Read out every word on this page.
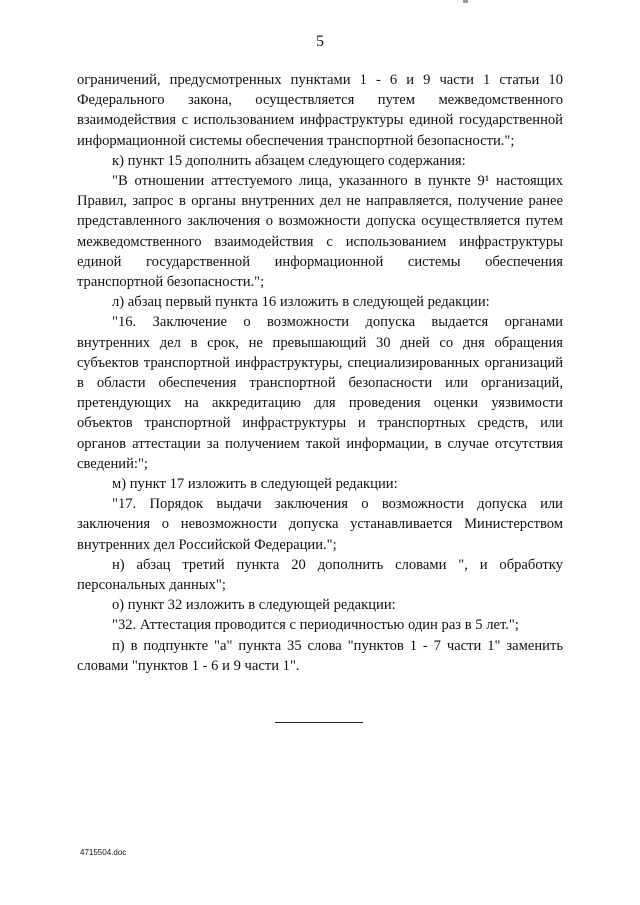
5

ограничений, предусмотренных пунктами 1 - 6 и 9 части 1 статьи 10 Федерального закона, осуществляется путем межведомственного взаимодействия с использованием инфраструктуры единой государственной информационной системы обеспечения транспортной безопасности.";

к) пункт 15 дополнить абзацем следующего содержания:

"В отношении аттестуемого лица, указанного в пункте 9¹ настоящих Правил, запрос в органы внутренних дел не направляется, получение ранее представленного заключения о возможности допуска осуществляется путем межведомственного взаимодействия с использованием инфраструктуры единой государственной информационной системы обеспечения транспортной безопасности.";

л) абзац первый пункта 16 изложить в следующей редакции:

"16. Заключение о возможности допуска выдается органами внутренних дел в срок, не превышающий 30 дней со дня обращения субъектов транспортной инфраструктуры, специализированных организаций в области обеспечения транспортной безопасности или организаций, претендующих на аккредитацию для проведения оценки уязвимости объектов транспортной инфраструктуры и транспортных средств, или органов аттестации за получением такой информации, в случае отсутствия сведений:";

м) пункт 17 изложить в следующей редакции:

"17. Порядок выдачи заключения о возможности допуска или заключения о невозможности допуска устанавливается Министерством внутренних дел Российской Федерации.";

н) абзац третий пункта 20 дополнить словами ", и обработку персональных данных";

о) пункт 32 изложить в следующей редакции:

"32. Аттестация проводится с периодичностью один раз в 5 лет.";

п) в подпункте "а" пункта 35 слова "пунктов 1 - 7 части 1" заменить словами "пунктов 1 - 6 и 9 части 1".

4715504.doc
